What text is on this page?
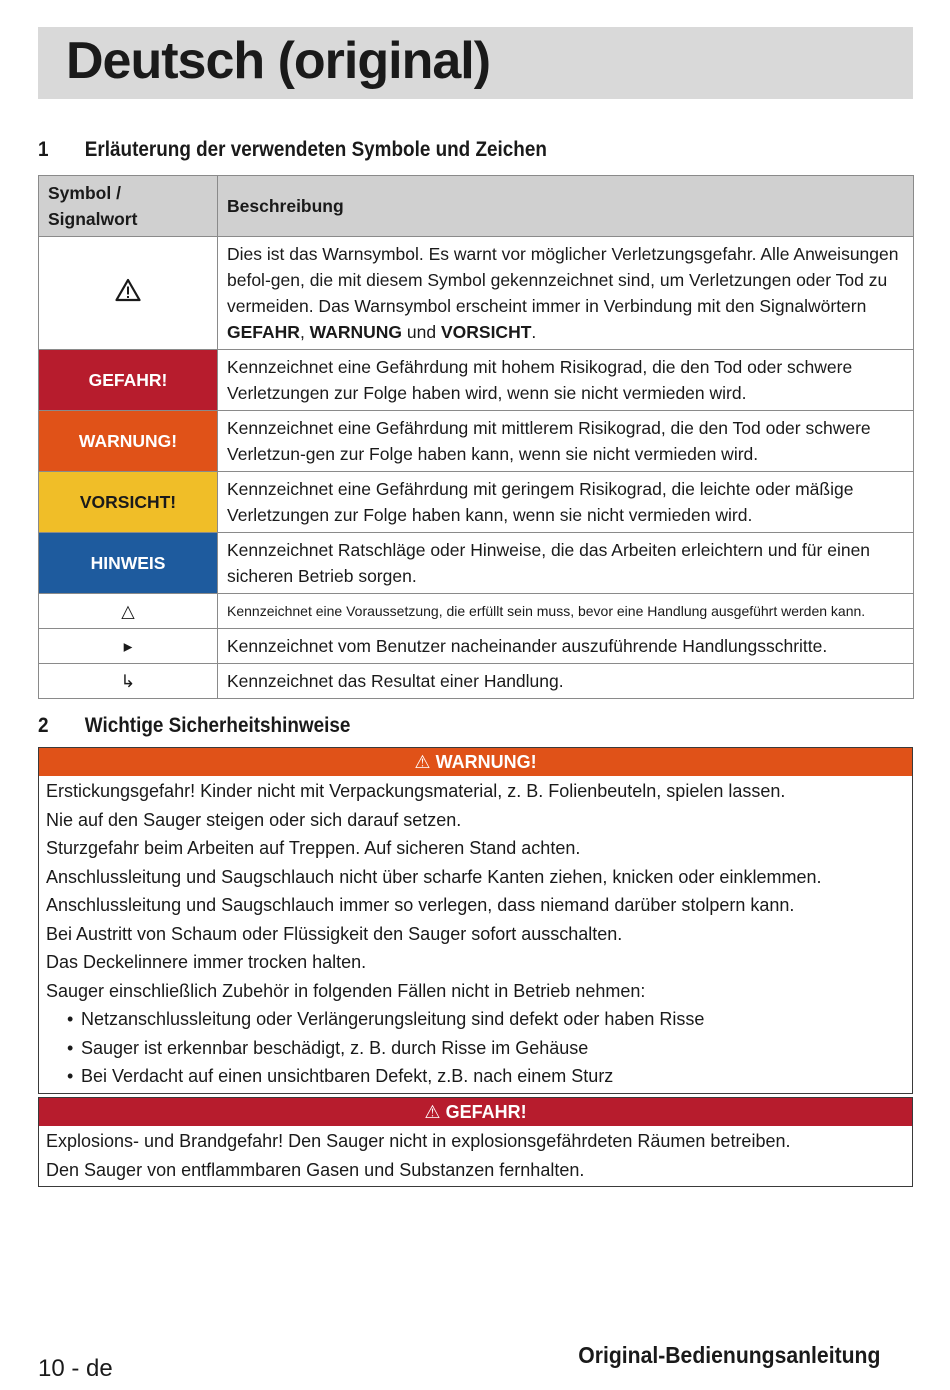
Deutsch (original)
1 Erläuterung der verwendeten Symbole und Zeichen
Symbol / Signalwort	Beschreibung
	Dies ist das Warnsymbol. Es warnt vor möglicher Verletzungsgefahr. Alle Anweisungen befol-gen, die mit diesem Symbol gekennzeichnet sind, um Verletzungen oder Tod zu vermeiden. Das Warnsymbol erscheint immer in Verbindung mit den Signalwörtern GEFAHR, WARNUNG und VORSICHT.
GEFAHR!	Kennzeichnet eine Gefährdung mit hohem Risikograd, die den Tod oder schwere Verletzungen zur Folge haben wird, wenn sie nicht vermieden wird.
WARNUNG!	Kennzeichnet eine Gefährdung mit mittlerem Risikograd, die den Tod oder schwere Verletzun-gen zur Folge haben kann, wenn sie nicht vermieden wird.
VORSICHT!	Kennzeichnet eine Gefährdung mit geringem Risikograd, die leichte oder mäßige Verletzungen zur Folge haben kann, wenn sie nicht vermieden wird.
HINWEIS	Kennzeichnet Ratschläge oder Hinweise, die das Arbeiten erleichtern und für einen sicheren Betrieb sorgen.
△	Kennzeichnet eine Voraussetzung, die erfüllt sein muss, bevor eine Handlung ausgeführt werden kann.
▸	Kennzeichnet vom Benutzer nacheinander auszuführende Handlungsschritte.
↳	Kennzeichnet das Resultat einer Handlung.
2 Wichtige Sicherheitshinweise
⚠ WARNUNG!
Erstickungsgefahr! Kinder nicht mit Verpackungsmaterial, z. B. Folienbeuteln, spielen lassen.
Nie auf den Sauger steigen oder sich darauf setzen.
Sturzgefahr beim Arbeiten auf Treppen. Auf sicheren Stand achten.
Anschlussleitung und Saugschlauch nicht über scharfe Kanten ziehen, knicken oder einklemmen.
Anschlussleitung und Saugschlauch immer so verlegen, dass niemand darüber stolpern kann.
Bei Austritt von Schaum oder Flüssigkeit den Sauger sofort ausschalten.
Das Deckelinnere immer trocken halten.
Sauger einschließlich Zubehör in folgenden Fällen nicht in Betrieb nehmen:
• Netzanschlussleitung oder Verlängerungsleitung sind defekt oder haben Risse
• Sauger ist erkennbar beschädigt, z. B. durch Risse im Gehäuse
• Bei Verdacht auf einen unsichtbaren Defekt, z.B. nach einem Sturz
⚠ GEFAHR!
Explosions- und Brandgefahr! Den Sauger nicht in explosionsgefährdeten Räumen betreiben.
Den Sauger von entflammbaren Gasen und Substanzen fernhalten.
10 - de	Original-Bedienungsanleitung
